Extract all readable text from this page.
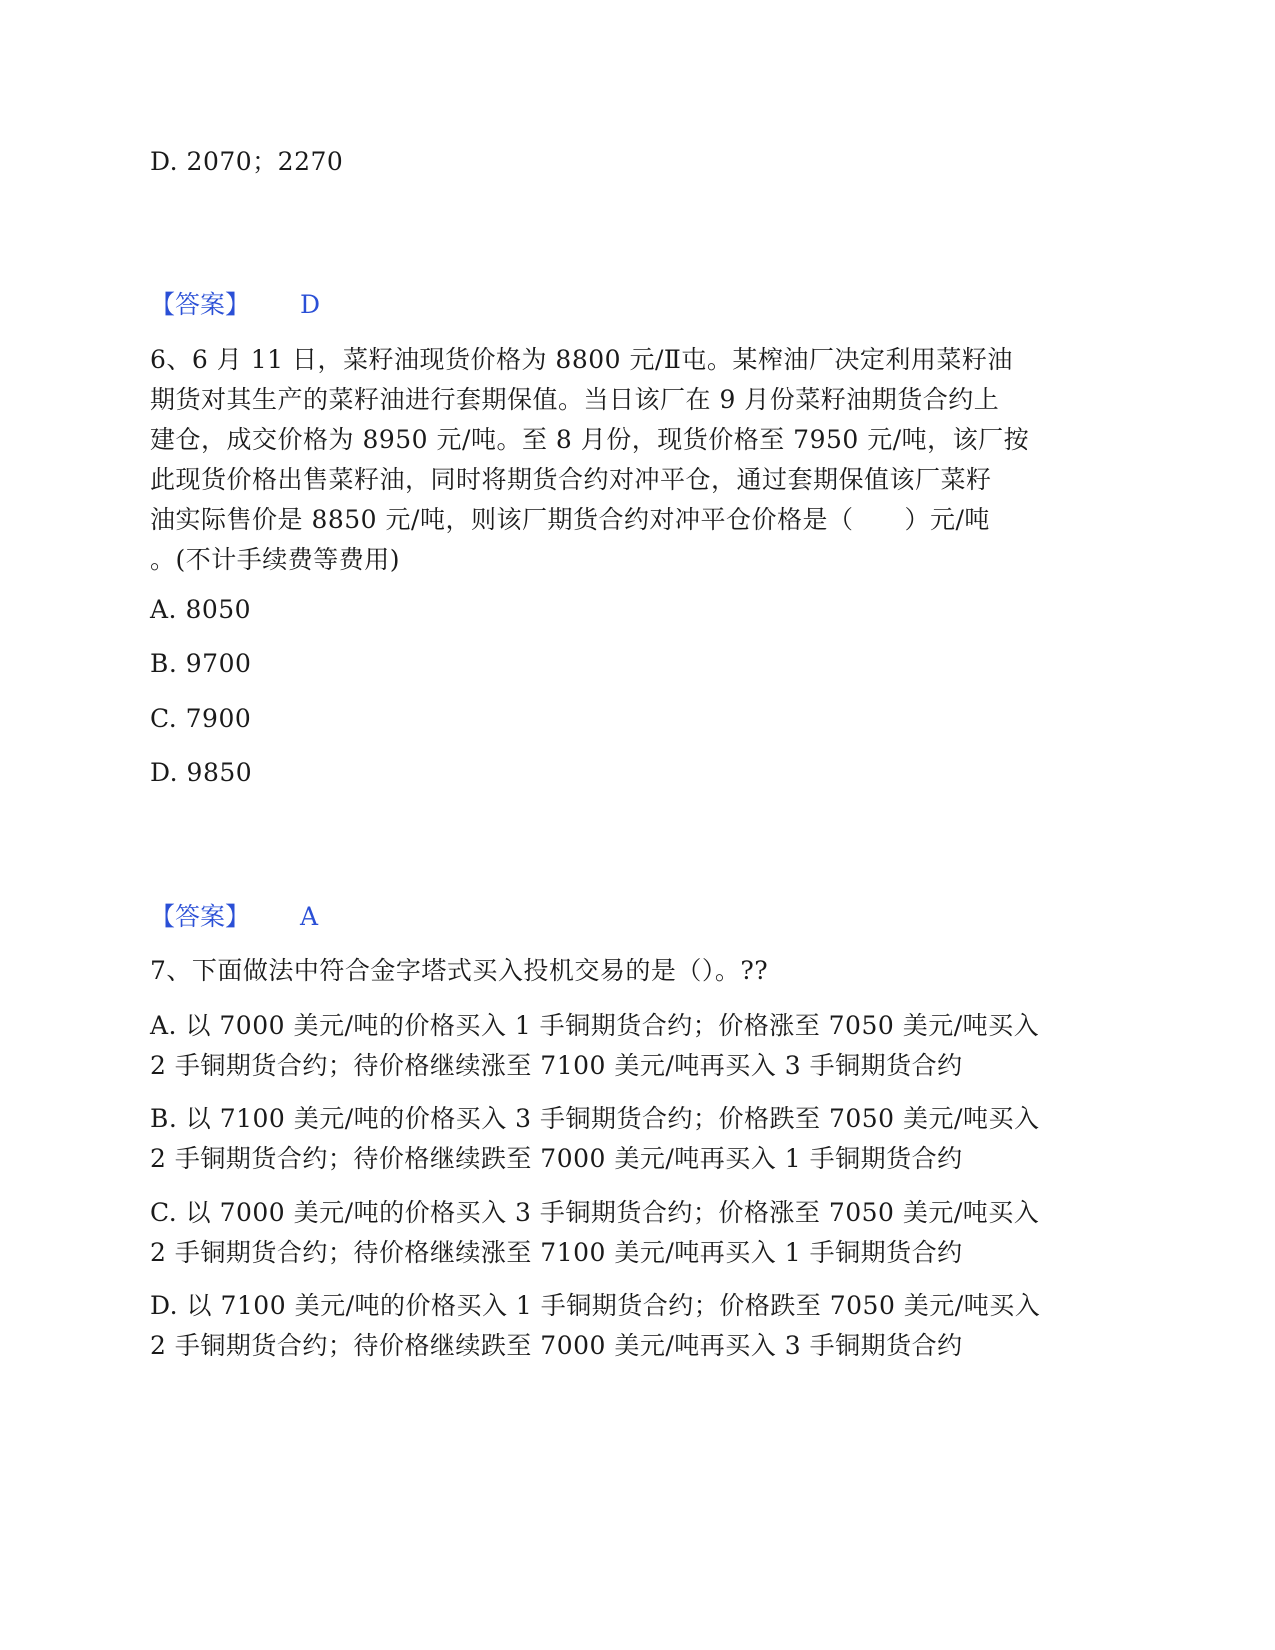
D. 2070；2270
【答案】 D
6、6 月 11 日，菜籽油现货价格为 8800 元/Ⅱ屯。某榨油厂决定利用菜籽油
期货对其生产的菜籽油进行套期保值。当日该厂在 9 月份菜籽油期货合约上
建仓，成交价格为 8950 元/吨。至 8 月份，现货价格至 7950 元/吨，该厂按
此现货价格出售菜籽油，同时将期货合约对冲平仓，通过套期保值该厂菜籽
油实际售价是 8850 元/吨，则该厂期货合约对冲平仓价格是（　　）元/吨
。(不计手续费等费用)
A. 8050
B. 9700
C. 7900
D. 9850
【答案】 A
7、下面做法中符合金字塔式买入投机交易的是（）。??
A. 以 7000 美元/吨的价格买入 1 手铜期货合约；价格涨至 7050 美元/吨买入
2 手铜期货合约；待价格继续涨至 7100 美元/吨再买入 3 手铜期货合约
B. 以 7100 美元/吨的价格买入 3 手铜期货合约；价格跌至 7050 美元/吨买入
2 手铜期货合约；待价格继续跌至 7000 美元/吨再买入 1 手铜期货合约
C. 以 7000 美元/吨的价格买入 3 手铜期货合约；价格涨至 7050 美元/吨买入
2 手铜期货合约；待价格继续涨至 7100 美元/吨再买入 1 手铜期货合约
D. 以 7100 美元/吨的价格买入 1 手铜期货合约；价格跌至 7050 美元/吨买入
2 手铜期货合约；待价格继续跌至 7000 美元/吨再买入 3 手铜期货合约
